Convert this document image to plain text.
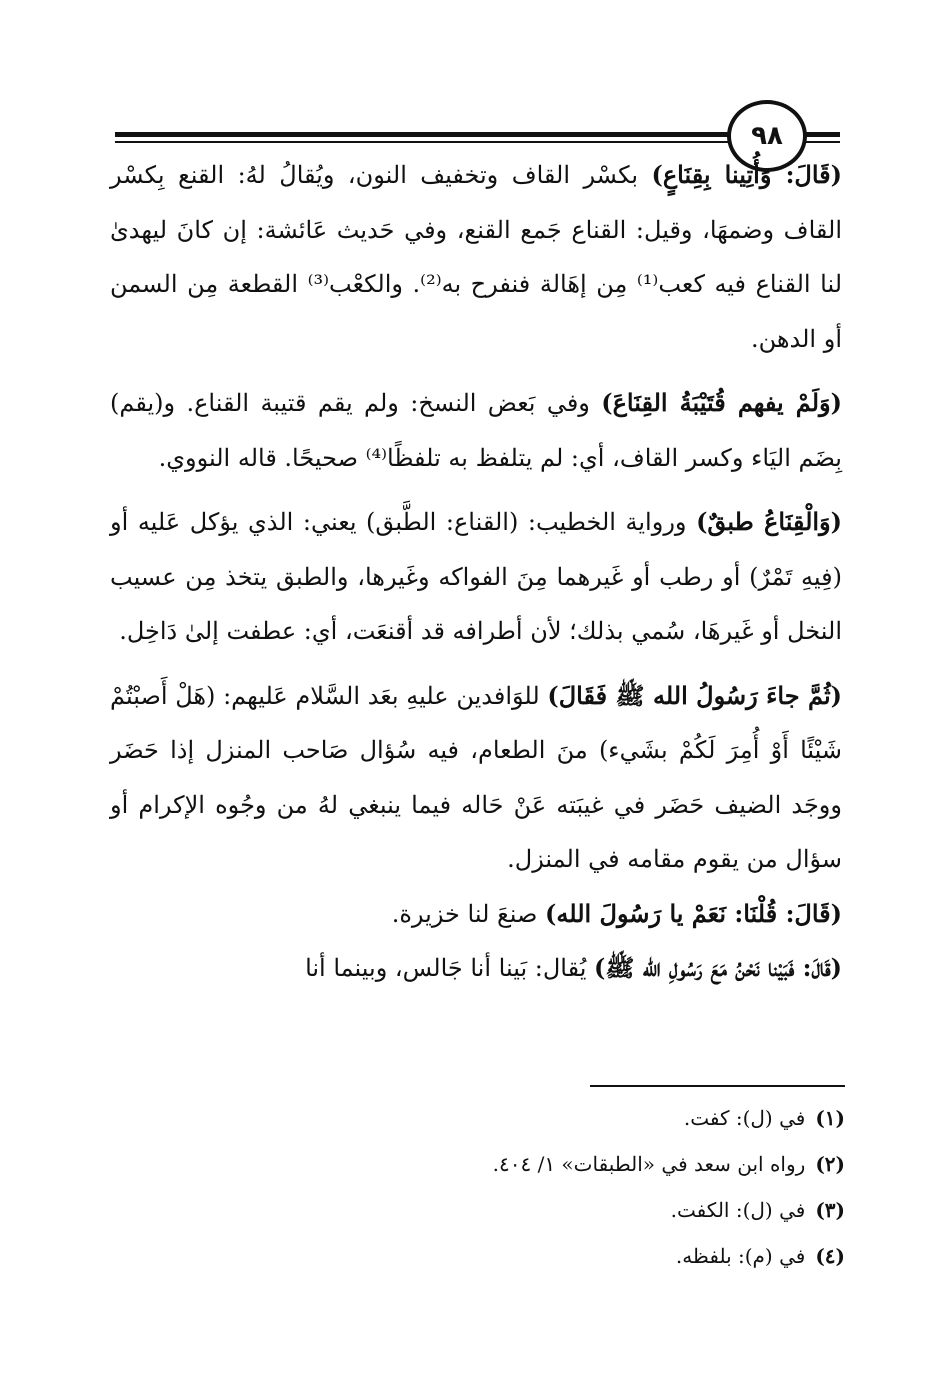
٩٨

(قَالَ: وَأُتِينا بِقِنَاعٍ) بكسْر القاف وتخفيف النون، ويُقالُ لهُ: القنع بِكسْر القاف وضمهَا، وقيل: القناع جَمع القنع، وفي حَديث عَائشة: إن كانَ ليهدىٰ لنا القناع فيه كعب⁽¹⁾ مِن إهَالة فنفرح به⁽²⁾. والكعْب⁽³⁾ القطعة مِن السمن أو الدهن.

(وَلَمْ يفهم قُتَيْبَةُ القِنَاعَ) وفي بَعض النسخ: ولم يقم قتيبة القناع. و(يقم) بِضَم اليَاء وكسر القاف، أي: لم يتلفظ به تلفظًا⁽⁴⁾ صحيحًا. قاله النووي.

(وَالْقِنَاعُ طبقٌ) ورواية الخطيب: (القناع: الطَّبق) يعني: الذي يؤكل عَليه أو (فِيهِ تَمْرٌ) أو رطب أو غَيرهما مِنَ الفواكه وغَيرها، والطبق يتخذ مِن عسيب النخل أو غَيرهَا، سُمي بذلك؛ لأن أطرافه قد أقنعَت، أي: عطفت إلىٰ دَاخِل.

(ثُمَّ جاءَ رَسُولُ الله ﷺ فَقَالَ) للوَافدين عليهِ بعَد السَّلام عَليهم: (هَلْ أَصبْتُمْ شَيْئًا أَوْ أُمِرَ لَكُمْ بشَيء) منَ الطعام، فيه سُؤال صَاحب المنزل إذا حَضَر ووجَد الضيف حَضَر في غيبَته عَنْ حَاله فيما ينبغي لهُ من وجُوه الإكرام أو سؤال من يقوم مقامه في المنزل.

(قَالَ: قُلْنَا: نَعَمْ يا رَسُولَ الله) صنعَ لنا خزيرة.

(قَالَ: فَبَيْنا نَحْنُ مَعَ رَسُولِ الله ﷺ) يُقال: بَينا أنا جَالس، وبينما أنا

(١)في (ل): كفت.

(٢)رواه ابن سعد في «الطبقات» ١/ ٤٠٤.

(٣)في (ل): الكفت.

(٤)في (م): بلفظه.
